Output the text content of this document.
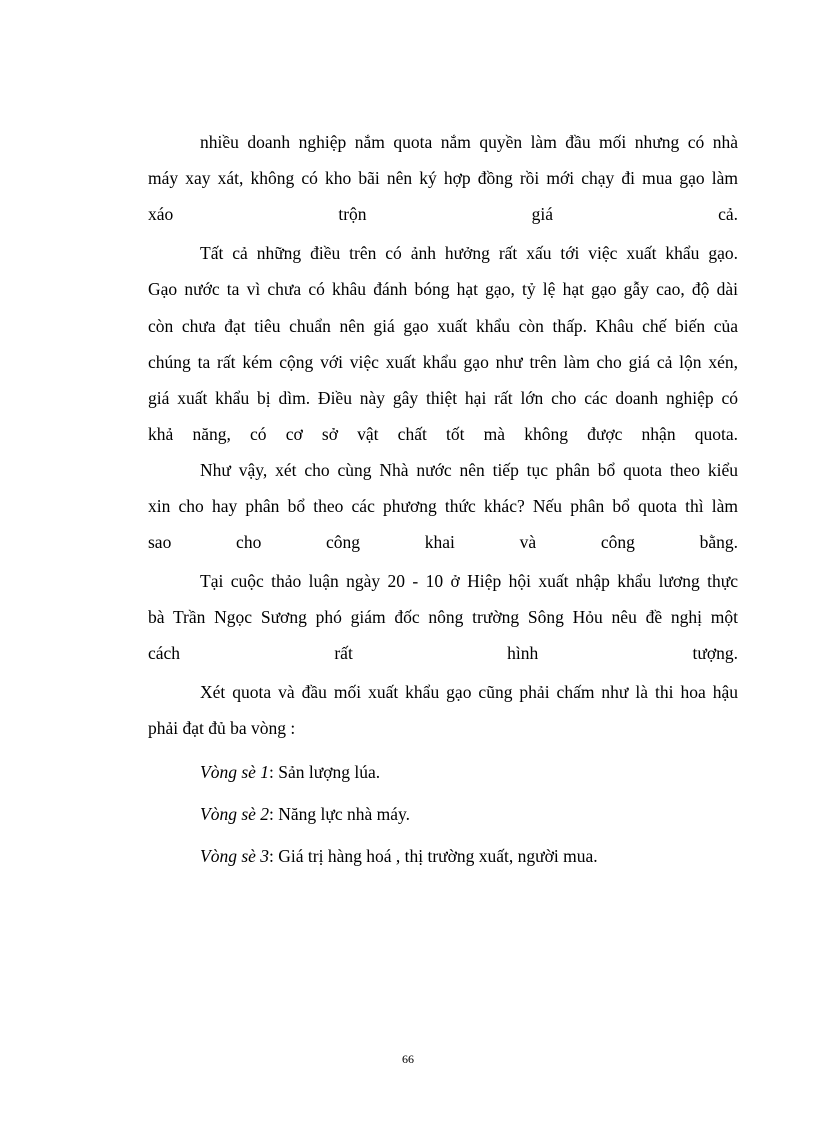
nhiều doanh nghiệp nắm quota nắm quyền làm đầu mối nhưng có nhà
máy xay xát, không có kho bãi nên ký hợp đồng rồi mới chạy đi mua gạo làm
xáo trộn giá cả.
Tất cả những điều trên có ảnh hưởng rất xấu tới việc xuất khẩu gạo.
Gạo nước ta vì chưa có khâu đánh bóng hạt gạo, tỷ lệ hạt gạo gẫy cao, độ dài
còn chưa đạt tiêu chuẩn nên giá gạo xuất khẩu còn thấp. Khâu chế biến của
chúng ta rất kém cộng với việc xuất khẩu gạo như trên làm cho giá cả lộn xén,
giá xuất khẩu bị dìm. Điều này gây thiệt hại rất lớn cho các doanh nghiệp có
khả năng, có cơ sở vật chất tốt mà không được nhận quota.
Như vậy, xét cho cùng Nhà nước nên tiếp tục phân bổ quota theo kiểu
xin cho hay phân bổ theo các phương thức khác? Nếu phân bổ quota thì làm
sao cho công khai và công bằng.
Tại cuộc thảo luận ngày 20 - 10 ở Hiệp hội xuất nhập khẩu lương thực
bà Trần Ngọc Sương phó giám đốc nông trường Sông Hỏu nêu đề nghị một
cách rất hình tượng.
Xét quota và đầu mối xuất khẩu gạo cũng phải chấm như là thi hoa hậu
phải đạt đủ ba vòng :
Vòng sè 1: Sản lượng lúa.
Vòng sè 2: Năng lực nhà máy.
Vòng sè 3: Giá trị hàng hoá , thị trường xuất, người mua.
66
